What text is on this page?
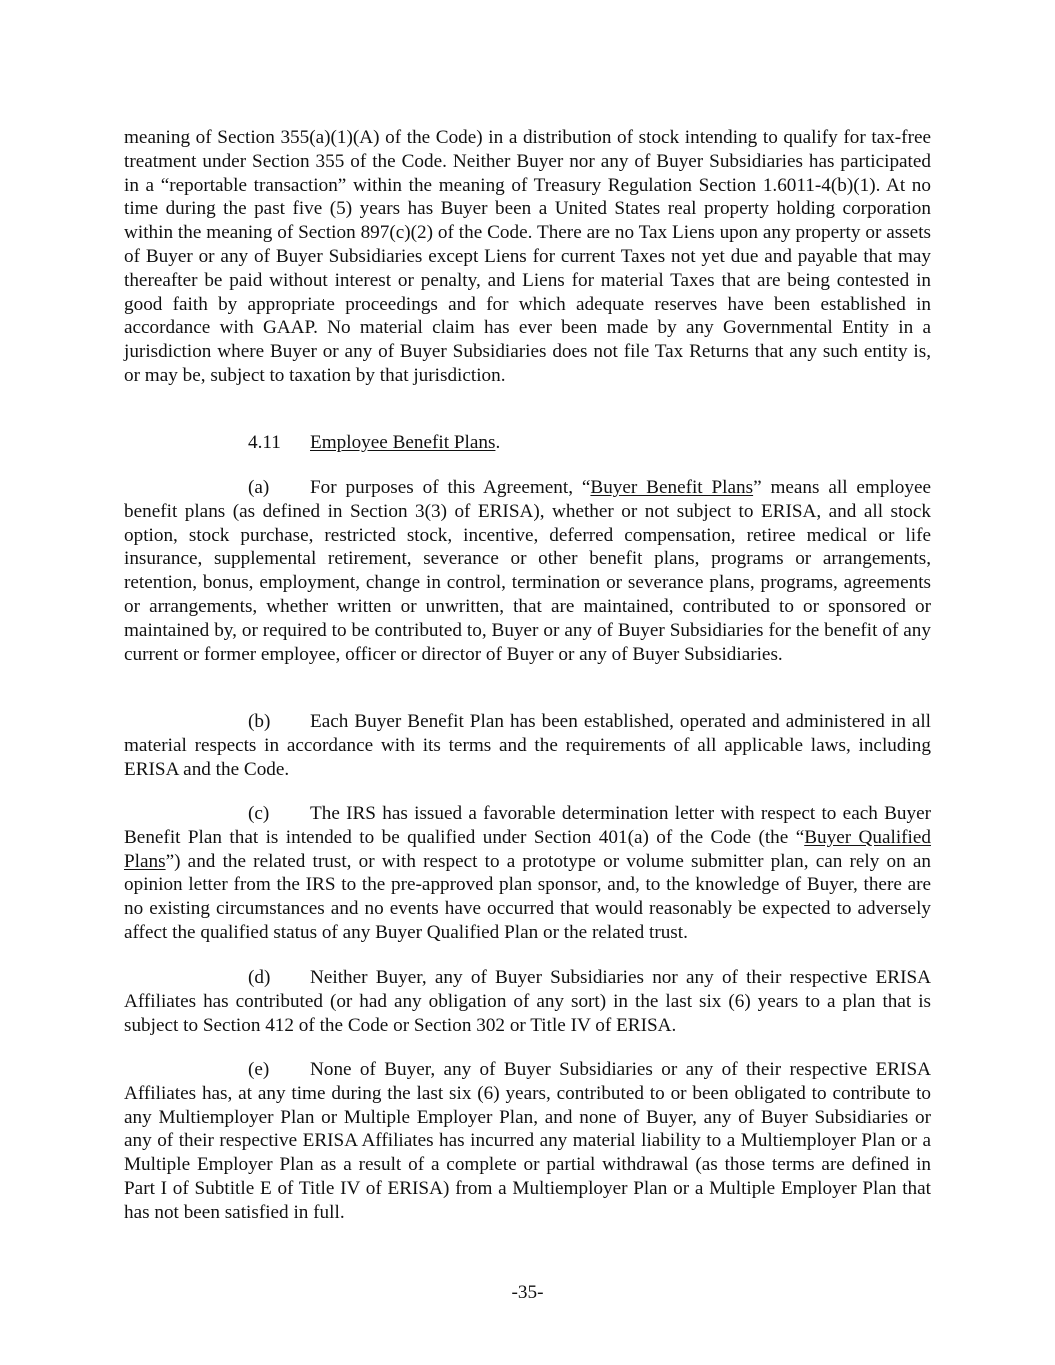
meaning of Section 355(a)(1)(A) of the Code) in a distribution of stock intending to qualify for tax-free treatment under Section 355 of the Code. Neither Buyer nor any of Buyer Subsidiaries has participated in a “reportable transaction” within the meaning of Treasury Regulation Section 1.6011-4(b)(1). At no time during the past five (5) years has Buyer been a United States real property holding corporation within the meaning of Section 897(c)(2) of the Code. There are no Tax Liens upon any property or assets of Buyer or any of Buyer Subsidiaries except Liens for current Taxes not yet due and payable that may thereafter be paid without interest or penalty, and Liens for material Taxes that are being contested in good faith by appropriate proceedings and for which adequate reserves have been established in accordance with GAAP. No material claim has ever been made by any Governmental Entity in a jurisdiction where Buyer or any of Buyer Subsidiaries does not file Tax Returns that any such entity is, or may be, subject to taxation by that jurisdiction.

4.11 Employee Benefit Plans.

(a) For purposes of this Agreement, “Buyer Benefit Plans” means all employee benefit plans (as defined in Section 3(3) of ERISA), whether or not subject to ERISA, and all stock option, stock purchase, restricted stock, incentive, deferred compensation, retiree medical or life insurance, supplemental retirement, severance or other benefit plans, programs or arrangements, retention, bonus, employment, change in control, termination or severance plans, programs, agreements or arrangements, whether written or unwritten, that are maintained, contributed to or sponsored or maintained by, or required to be contributed to, Buyer or any of Buyer Subsidiaries for the benefit of any current or former employee, officer or director of Buyer or any of Buyer Subsidiaries.

(b) Each Buyer Benefit Plan has been established, operated and administered in all material respects in accordance with its terms and the requirements of all applicable laws, including ERISA and the Code.

(c) The IRS has issued a favorable determination letter with respect to each Buyer Benefit Plan that is intended to be qualified under Section 401(a) of the Code (the “Buyer Qualified Plans”) and the related trust, or with respect to a prototype or volume submitter plan, can rely on an opinion letter from the IRS to the pre-approved plan sponsor, and, to the knowledge of Buyer, there are no existing circumstances and no events have occurred that would reasonably be expected to adversely affect the qualified status of any Buyer Qualified Plan or the related trust.

(d) Neither Buyer, any of Buyer Subsidiaries nor any of their respective ERISA Affiliates has contributed (or had any obligation of any sort) in the last six (6) years to a plan that is subject to Section 412 of the Code or Section 302 or Title IV of ERISA.

(e) None of Buyer, any of Buyer Subsidiaries or any of their respective ERISA Affiliates has, at any time during the last six (6) years, contributed to or been obligated to contribute to any Multiemployer Plan or Multiple Employer Plan, and none of Buyer, any of Buyer Subsidiaries or any of their respective ERISA Affiliates has incurred any material liability to a Multiemployer Plan or a Multiple Employer Plan as a result of a complete or partial withdrawal (as those terms are defined in Part I of Subtitle E of Title IV of ERISA) from a Multiemployer Plan or a Multiple Employer Plan that has not been satisfied in full.

-35-
